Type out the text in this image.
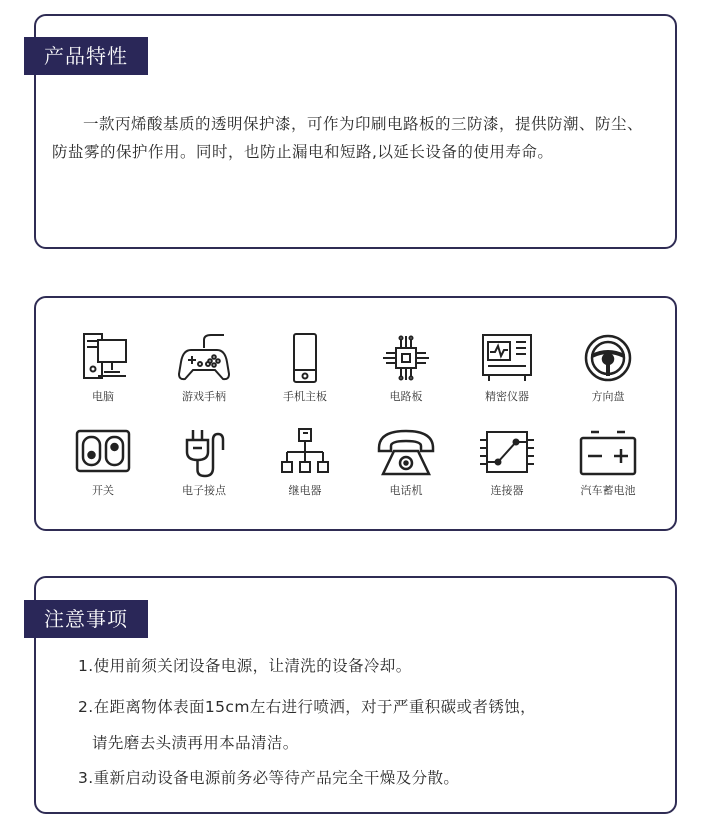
产品特性

一款丙烯酸基质的透明保护漆，可作为印刷电路板的三防漆，提供防潮、防尘、防盐雾的保护作用。同时，也防止漏电和短路,以延长设备的使用寿命。

电脑	游戏手柄	手机主板	电路板	精密仪器	方向盘
开关	电子接点	继电器	电话机	连接器	汽车蓄电池
注意事项
1.使用前须关闭设备电源，让清洗的设备冷却。
2.在距离物体表面15cm左右进行喷洒，对于严重积碳或者锈蚀，
请先磨去头渍再用本品清洁。
3.重新启动设备电源前务必等待产品完全干燥及分散。
